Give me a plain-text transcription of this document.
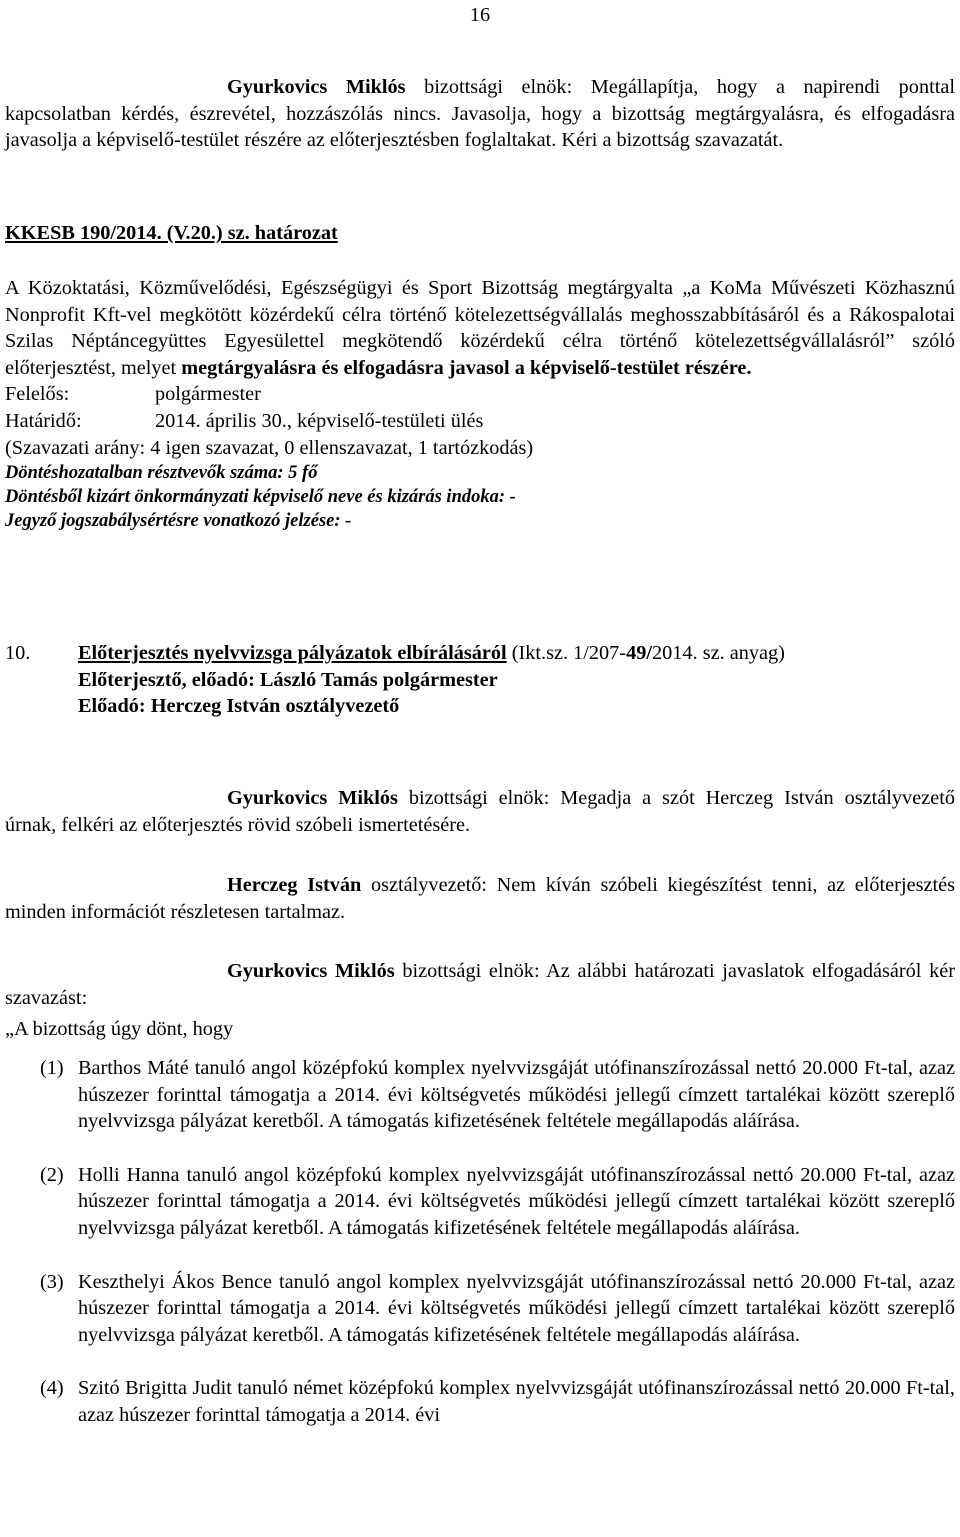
16

Gyurkovics Miklós bizottsági elnök: Megállapítja, hogy a napirendi ponttal kapcsolatban kérdés, észrevétel, hozzászólás nincs. Javasolja, hogy a bizottság megtárgyalásra, és elfogadásra javasolja a képviselő-testület részére az előterjesztésben foglaltakat. Kéri a bizottság szavazatát.

KKESB 190/2014. (V.20.) sz. határozat

A Közoktatási, Közművelődési, Egészségügyi és Sport Bizottság megtárgyalta „a KoMa Művészeti Közhasznú Nonprofit Kft-vel megkötött közérdekű célra történő kötelezettségvállalás meghosszabbításáról és a Rákospalotai Szilas Néptáncegyüttes Egyesülettel megkötendő közérdekű célra történő kötelezettségvállalásról” szóló előterjesztést, melyet megtárgyalásra és elfogadásra javasol a képviselő-testület részére.

Felelős:	polgármester
Határidő:	2014. április 30., képviselő-testületi ülés
(Szavazati arány: 4 igen szavazat, 0 ellenszavazat, 1 tartózkodás)
Döntéshozatalban résztvevők száma: 5 fő
Döntésből kizárt önkormányzati képviselő neve és kizárás indoka: -
Jegyző jogszabálysértésre vonatkozó jelzése: -
10.	Előterjesztés nyelvvizsga pályázatok elbírálásáról (Ikt.sz. 1/207-49/2014. sz. anyag)

Előterjesztő, előadó: László Tamás polgármester
Előadó: Herczeg István osztályvezető

Gyurkovics Miklós bizottsági elnök: Megadja a szót Herczeg István osztályvezető úrnak, felkéri az előterjesztés rövid szóbeli ismertetésére.

Herczeg István osztályvezető: Nem kíván szóbeli kiegészítést tenni, az előterjesztés minden információt részletesen tartalmaz.

Gyurkovics Miklós bizottsági elnök: Az alábbi határozati javaslatok elfogadásáról kér szavazást:

„A bizottság úgy dönt, hogy
(1) Barthos Máté tanuló angol középfokú komplex nyelvvizsgáját utófinanszírozással nettó 20.000 Ft-tal, azaz húszezer forinttal támogatja a 2014. évi költségvetés működési jellegű címzett tartalékai között szereplő nyelvvizsga pályázat keretből. A támogatás kifizetésének feltétele megállapodás aláírása.
(2) Holli Hanna tanuló angol középfokú komplex nyelvvizsgáját utófinanszírozással nettó 20.000 Ft-tal, azaz húszezer forinttal támogatja a 2014. évi költségvetés működési jellegű címzett tartalékai között szereplő nyelvvizsga pályázat keretből. A támogatás kifizetésének feltétele megállapodás aláírása.
(3) Keszthelyi Ákos Bence tanuló angol komplex nyelvvizsgáját utófinanszírozással nettó 20.000 Ft-tal, azaz húszezer forinttal támogatja a 2014. évi költségvetés működési jellegű címzett tartalékai között szereplő nyelvvizsga pályázat keretből. A támogatás kifizetésének feltétele megállapodás aláírása.
(4) Szitó Brigitta Judit tanuló német középfokú komplex nyelvvizsgáját utófinanszírozással nettó 20.000 Ft-tal, azaz húszezer forinttal támogatja a 2014. évi
